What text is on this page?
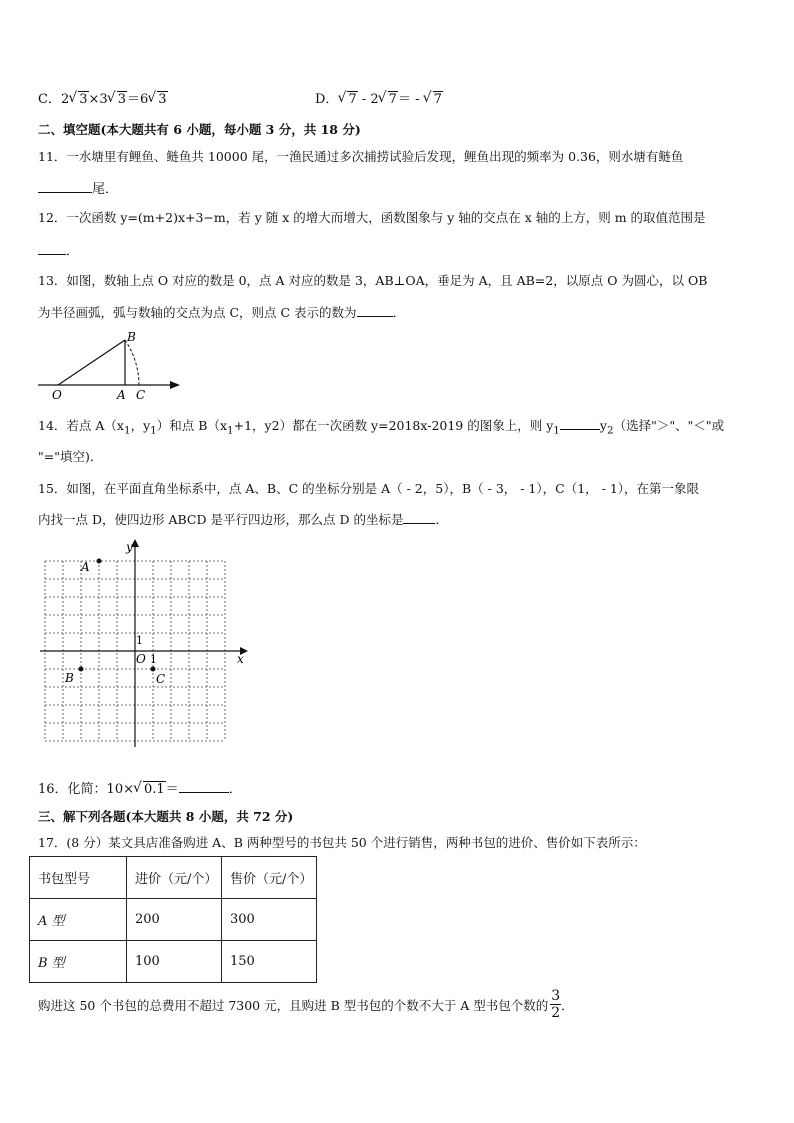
C．2 √ 3×3 √ 3＝6 √ 3	D． √ 7 ‑ 2 √ 7＝ ‑ √ 7
二、填空题(本大题共有 6 小题，每小题 3 分，共 18 分)
11．一水塘里有鲤鱼、鲢鱼共 10000 尾，一渔民通过多次捕捞试验后发现，鲤鱼出现的频率为 0.36，则水塘有鲢鱼
尾．
12．一次函数 y=(m+2)x+3−m，若 y 随 x 的增大而增大，函数图象与 y 轴的交点在 x 轴的上方，则 m 的取值范围是
．
13．如图，数轴上点 O 对应的数是 0，点 A 对应的数是 3，AB⊥OA，垂足为 A，且 AB=2，以原点 O 为圆心，以 OB
为半径画弧，弧与数轴的交点为点 C，则点 C 表示的数为	．
B
O	A C
14．若点 $A(x_1$，$y_1$）和点 $B(x_1+1$，y2）都在一次函数 y=2018x-2019 的图象上，则 $y_1$	$y_2$（选择"＞"、"＜"或
"="填空)．
15．如图，在平面直角坐标系中，点 A、B、C 的坐标分别是 A（ ‑ 2，5），B（ ‑ 3， ‑ 1），C（1， ‑ 1），在第一象限
内找一点 D，使四边形 ABCD 是平行四边形，那么点 D 的坐标是	．
y
x
A
B	C
O 1
1
16．化简：10× √ 0.1＝	．
三、解下列各题(本大题共 8 小题，共 72 分)
17．(8 分）某文具店准备购进 A、B 两种型号的书包共 50 个进行销售，两种书包的进价、售价如下表所示：
书包型号	进价（元/个）	售价（元/个）
A 型	200	300
B 型	100	150
购进这 50 个书包的总费用不超过 7300 元，且购进 B 型书包的个数不大于 A 型书包个数的 $\frac{3}{2}$ ．
